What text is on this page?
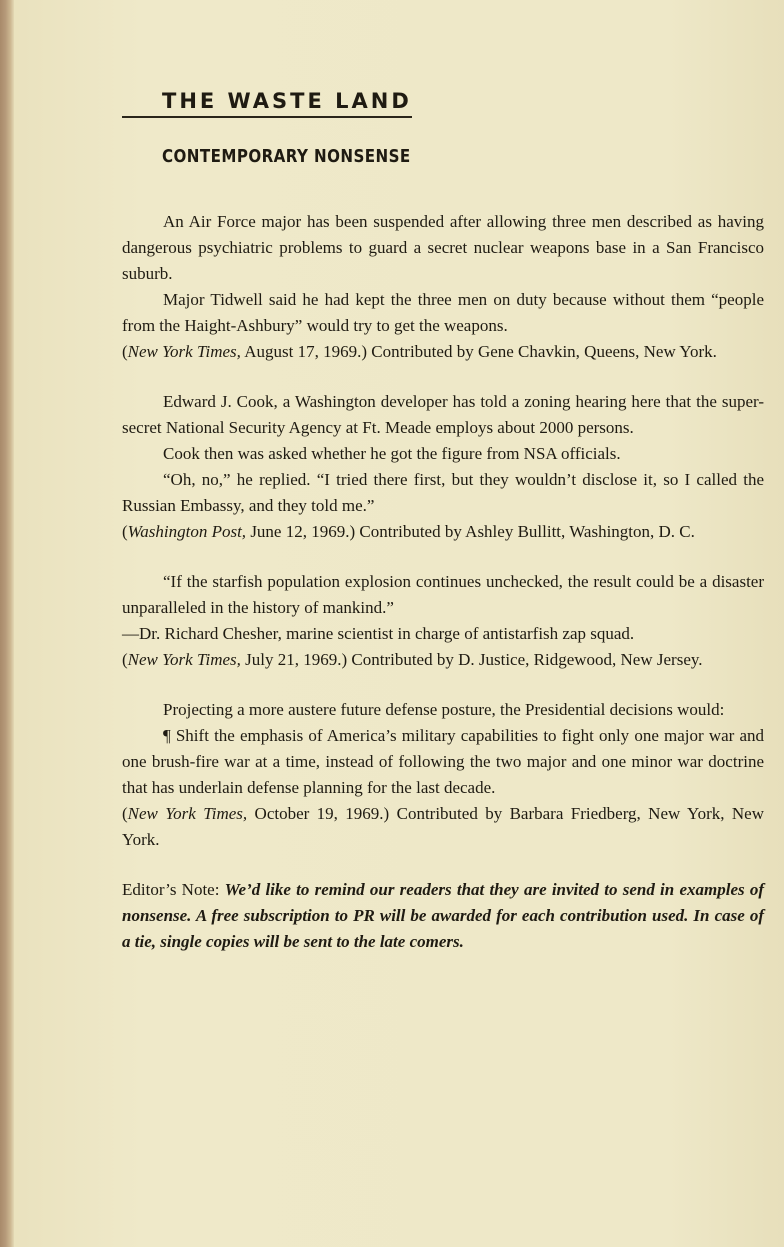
THE WASTE LAND
CONTEMPORARY NONSENSE

An Air Force major has been suspended after allowing three men described as having dangerous psychiatric problems to guard a secret nuclear weapons base in a San Francisco suburb.

Major Tidwell said he had kept the three men on duty because without them “people from the Haight-Ashbury” would try to get the weapons.

(New York Times, August 17, 1969.) Contributed by Gene Chavkin, Queens, New York.

Edward J. Cook, a Washington developer has told a zoning hearing here that the super-secret National Security Agency at Ft. Meade employs about 2000 persons.

Cook then was asked whether he got the figure from NSA officials.

“Oh, no,” he replied. “I tried there first, but they wouldn’t disclose it, so I called the Russian Embassy, and they told me.”

(Washington Post, June 12, 1969.) Contributed by Ashley Bullitt, Washington, D. C.

“If the starfish population explosion continues unchecked, the result could be a disaster unparalleled in the history of mankind.”

—Dr. Richard Chesher, marine scientist in charge of antistarfish zap squad.

(New York Times, July 21, 1969.) Contributed by D. Justice, Ridgewood, New Jersey.

Projecting a more austere future defense posture, the Presidential decisions would:

¶ Shift the emphasis of America’s military capabilities to fight only one major war and one brush-fire war at a time, instead of following the two major and one minor war doctrine that has underlain defense planning for the last decade.

(New York Times, October 19, 1969.) Contributed by Barbara Friedberg, New York, New York.

Editor’s Note: We’d like to remind our readers that they are invited to send in examples of nonsense. A free subscription to PR will be awarded for each contribution used. In case of a tie, single copies will be sent to the late comers.
